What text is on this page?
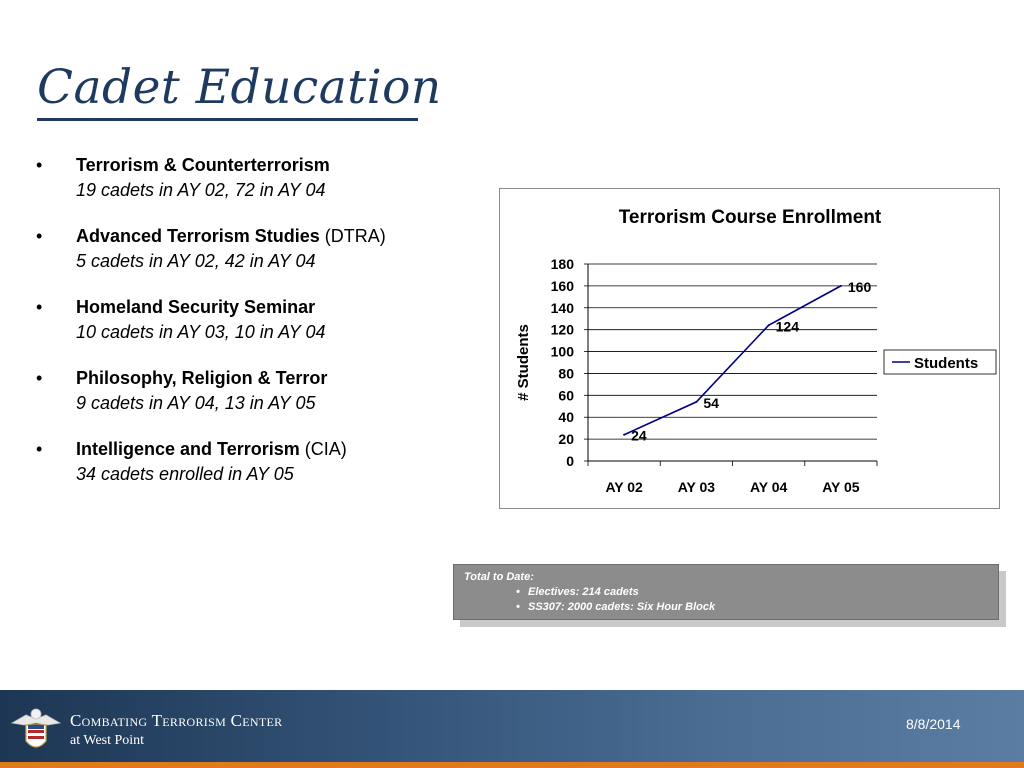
Cadet Education
• Terrorism & Counterterrorism
19 cadets in AY 02, 72 in AY 04
• Advanced Terrorism Studies (DTRA)
5 cadets in AY 02, 42 in AY 04
• Homeland Security Seminar
10 cadets in AY 03, 10 in AY 04
• Philosophy, Religion & Terror
9 cadets in AY 04, 13 in AY 05
• Intelligence and Terrorism (CIA)
34 cadets enrolled in AY 05
Terrorism Course Enrollment
0
20
40
60
80
100
120
140
160
180
AY 02 AY 03 AY 04 AY 05
# Students
24
54
124
160
Students
Total to Date:
• Electives: 214 cadets
• SS307: 2000 cadets: Six Hour Block
Combating Terrorism Center
at West Point
8/8/2014
